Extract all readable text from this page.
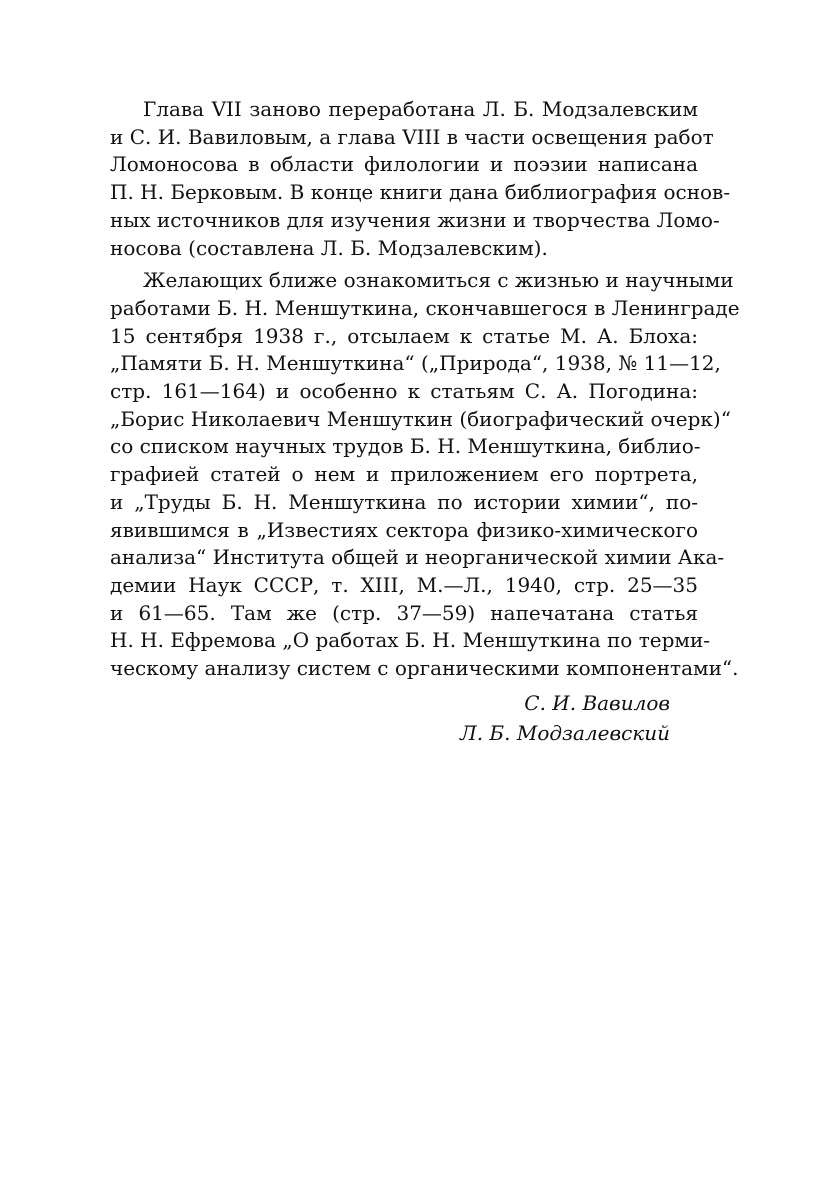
Глава VII заново переработана Л. Б. Модзалевским
и С. И. Вавиловым, а глава VIII в части освещения работ
Ломоносова в области филологии и поэзии написана
П. Н. Берковым. В конце книги дана библиография основ-
ных источников для изучения жизни и творчества Ломо-
носова (составлена Л. Б. Модзалевским).

Желающих ближе ознакомиться с жизнью и научными
работами Б. Н. Меншуткина, скончавшегося в Ленинграде
15 сентября 1938 г., отсылаем к статье М. А. Блоха:
„Памяти Б. Н. Меншуткина“ („Природа“, 1938, № 11—12,
стр. 161—164) и особенно к статьям С. А. Погодина:
„Борис Николаевич Меншуткин (биографический очерк)“
со списком научных трудов Б. Н. Меншуткина, библио-
графией статей о нем и приложением его портрета,
и „Труды Б. Н. Меншуткина по истории химии“, по-
явившимся в „Известиях сектора физико-химического
анализа“ Института общей и неорганической химии Ака-
демии Наук СССР, т. XIII, М.—Л., 1940, стр. 25—35
и 61—65. Там же (стр. 37—59) напечатана статья
Н. Н. Ефремова „О работах Б. Н. Меншуткина по терми-
ческому анализу систем с органическими компонентами“.

С. И. Вавилов
Л. Б. Модзалевский
